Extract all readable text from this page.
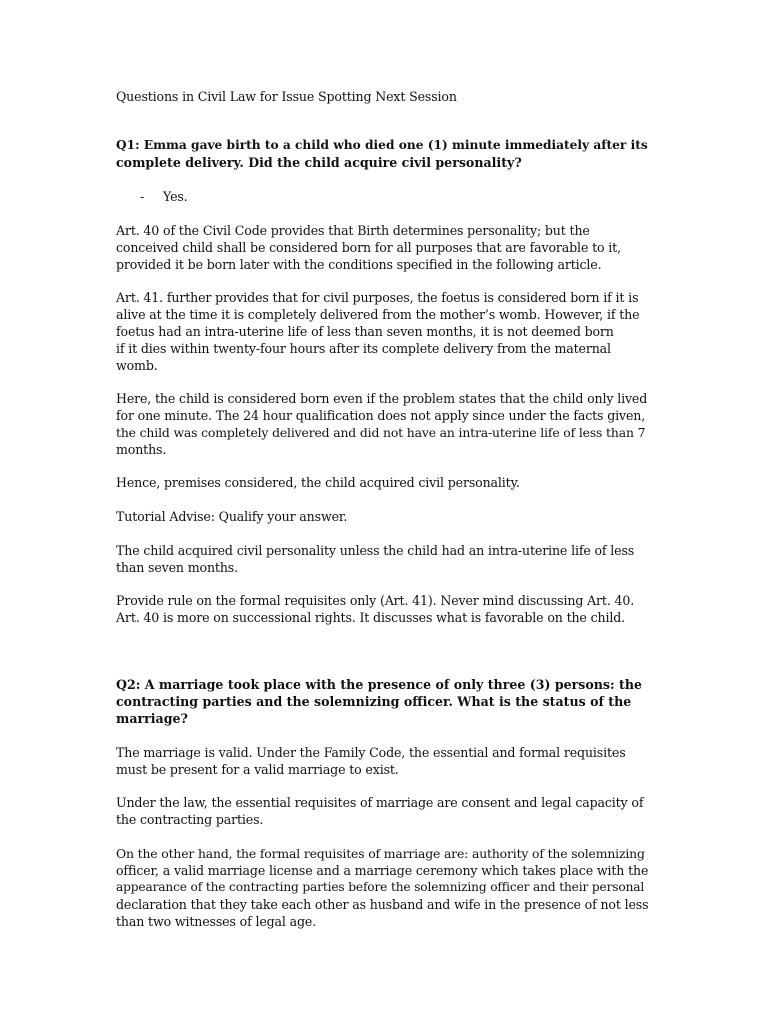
Questions in Civil Law for Issue Spotting Next Session
Q1: Emma gave birth to a child who died one (1) minute immediately after its
complete delivery. Did the child acquire civil personality?
- Yes.
Art. 40 of the Civil Code provides that Birth determines personality; but the
conceived child shall be considered born for all purposes that are favorable to it,
provided it be born later with the conditions specified in the following article.
Art. 41. further provides that for civil purposes, the foetus is considered born if it is
alive at the time it is completely delivered from the mother’s womb. However, if the
foetus had an intra-uterine life of less than seven months, it is not deemed born
if it dies within twenty-four hours after its complete delivery from the maternal
womb.
Here, the child is considered born even if the problem states that the child only lived
for one minute. The 24 hour qualification does not apply since under the facts given,
the child was completely delivered and did not have an intra-uterine life of less than 7
months.
Hence, premises considered, the child acquired civil personality.
Tutorial Advise: Qualify your answer.
The child acquired civil personality unless the child had an intra-uterine life of less
than seven months.
Provide rule on the formal requisites only (Art. 41). Never mind discussing Art. 40.
Art. 40 is more on successional rights. It discusses what is favorable on the child.
Q2: A marriage took place with the presence of only three (3) persons: the
contracting parties and the solemnizing officer. What is the status of the
marriage?
The marriage is valid. Under the Family Code, the essential and formal requisites
must be present for a valid marriage to exist.
Under the law, the essential requisites of marriage are consent and legal capacity of
the contracting parties.
On the other hand, the formal requisites of marriage are: authority of the solemnizing
officer, a valid marriage license and a marriage ceremony which takes place with the
appearance of the contracting parties before the solemnizing officer and their personal
declaration that they take each other as husband and wife in the presence of not less
than two witnesses of legal age.
